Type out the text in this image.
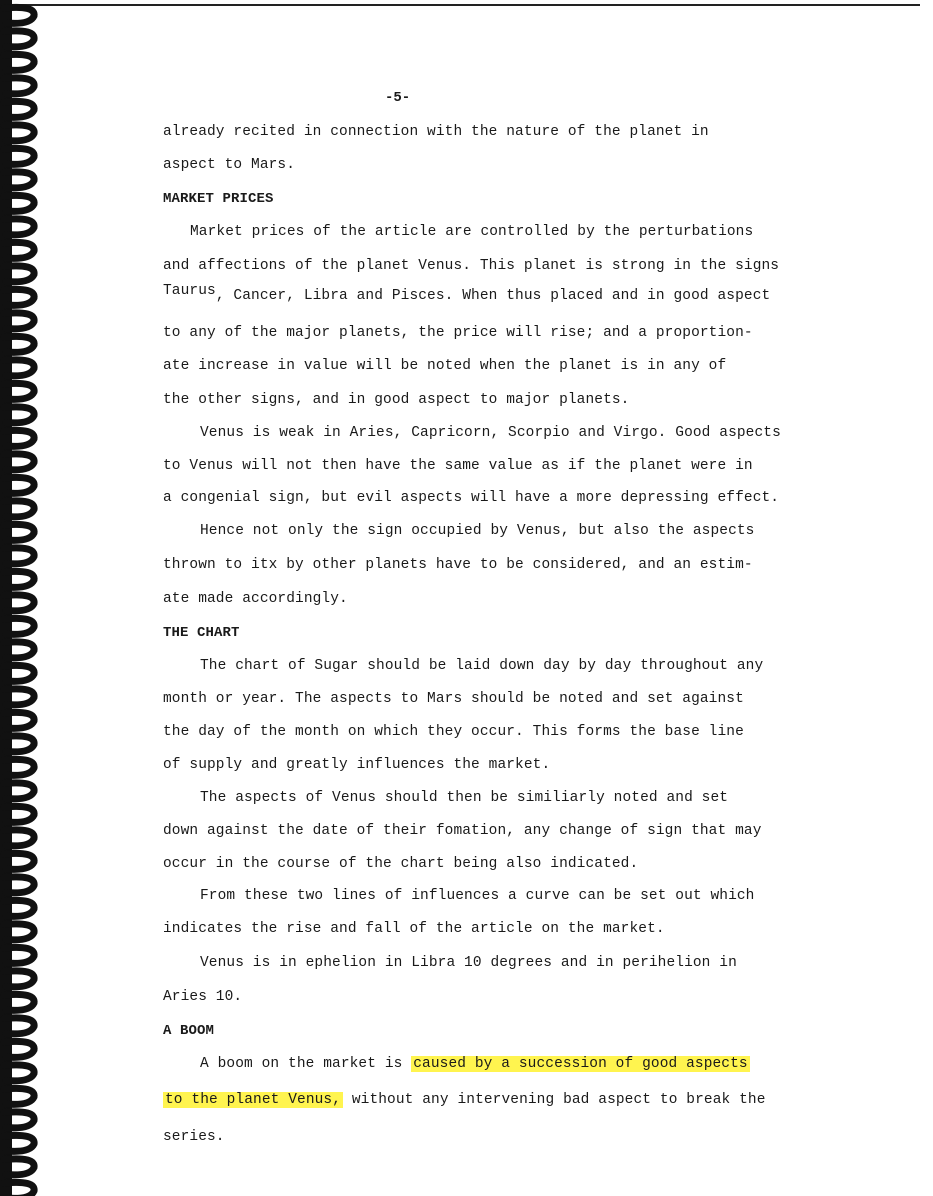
-5-
already recited in connection with the nature of the planet in
aspect to Mars.
MARKET PRICES
Market prices of the article are controlled by the perturbations
and affections of the planet Venus. This planet is strong in the signs
Taurus, Cancer, Libra and Pisces. When thus placed and in good aspect
to any of the major planets, the price will rise; and a proportion-
ate increase in value will be noted when the planet is in any of
the other signs, and in good aspect to major planets.
Venus is weak in Aries, Capricorn, Scorpio and Virgo. Good aspects
to Venus will not then have the same value as if the planet were in
a congenial sign, but evil aspects will have a more depressing effect.
Hence not only the sign occupied by Venus, but also the aspects
thrown to itx by other planets have to be considered, and an estim-
ate made accordingly.
THE CHART
The chart of Sugar should be laid down day by day throughout any
month or year. The aspects to Mars should be noted and set against
the day of the month on which they occur. This forms the base line
of supply and greatly influences the market.
The aspects of Venus should then be similiarly noted and set
down against the date of their fomation, any change of sign that may
occur in the course of the chart being also indicated.
From these two lines of influences a curve can be set out which
indicates the rise and fall of the article on the market.
Venus is in ephelion in Libra 10 degrees and in perihelion in
Aries 10.
A BOOM
A boom on the market is caused by a succession of good aspects
to the planet Venus, without any intervening bad aspect to break the
series.
